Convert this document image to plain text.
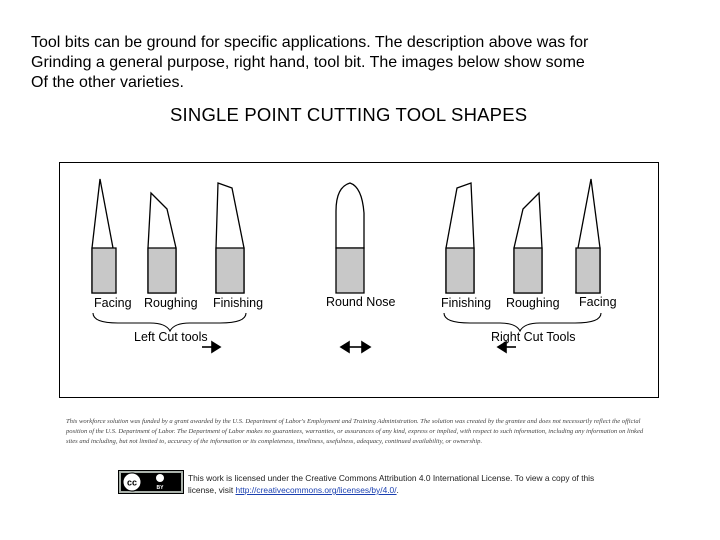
Tool bits can be ground for specific applications. The description above was for
Grinding a general purpose, right hand, tool bit. The images below show some
Of the other varieties.
SINGLE POINT CUTTING TOOL SHAPES
Facing Roughing Finishing	Round Nose	Finishing Roughing Facing
Left Cut tools	Right Cut Tools

This workforce solution was funded by a grant awarded by the U.S. Department of Labor's Employment and Training Administration. The solution was created by the grantee and does not necessarily reflect the official position of the U.S. Department of Labor. The Department of Labor makes no guarantees, warranties, or assurances of any kind, express or implied, with respect to such information, including any information on linked sites and including, but not limited to, accuracy of the information or its completeness, timeliness, usefulness, adequacy, continued availability, or ownership.

cc
BY

This work is licensed under the Creative Commons Attribution 4.0 International License. To view a copy of this license, visit http://creativecommons.org/licenses/by/4.0/.
